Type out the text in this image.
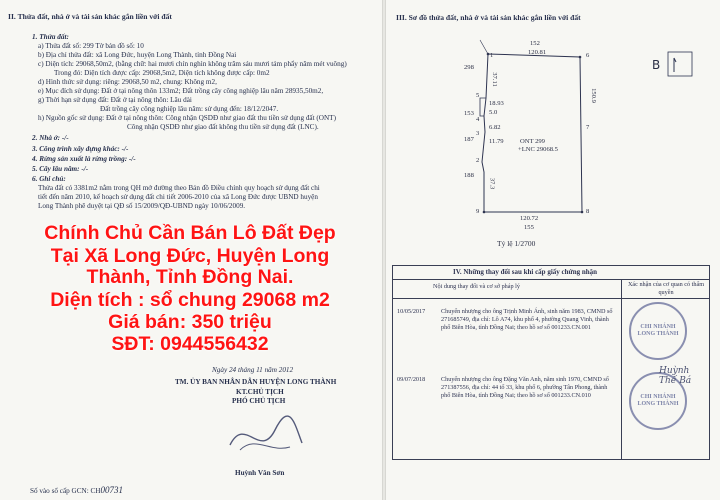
II. Thửa đất, nhà ở và tài sản khác gắn liền với đất
1. Thửa đất:
a) Thửa đất số: 299 Tờ bản đồ số: 10
b) Địa chỉ thửa đất: xã Long Đức, huyện Long Thành, tỉnh Đồng Nai
c) Diện tích: 29068,50m2, (bằng chữ: hai mươi chín nghìn không trăm sáu mươi tám phẩy năm mét vuông)
Trong đó: Diện tích được cấp: 29068,5m2, Diện tích không được cấp: 0m2
d) Hình thức sử dụng: riêng: 29068,50 m2, chung: Không m2,
e) Mục đích sử dụng: Đất ở tại nông thôn 133m2; Đất trồng cây công nghiệp lâu năm 28935,50m2,
g) Thời hạn sử dụng đất: Đất ở tại nông thôn: Lâu dài
Đất trồng cây công nghiệp lâu năm: sử dụng đến: 18/12/2047.
h) Nguồn gốc sử dụng: Đất ở tại nông thôn: Công nhận QSDĐ như giao đất thu tiền sử dụng đất (ONT)
Công nhận QSDĐ như giao đất không thu tiền sử dụng đất (LNC).
2. Nhà ở: -/-
3. Công trình xây dựng khác: -/-
4. Rừng sản xuất là rừng trồng: -/-
5. Cây lâu năm: -/-
6. Ghi chú:
Thửa đất có 3381m2 nằm trong QH mở đường theo Bản đồ Điều chỉnh quy hoạch sử dụng đất chi
tiết đến năm 2010, kế hoạch sử dụng đất chi tiết 2006-2010 của xã Long Đức được UBND huyện
Long Thành phê duyệt tại QĐ số 15/2009/QĐ-UBND ngày 10/06/2009.
Ngày 24 tháng 11 năm 2012
TM. ỦY BAN NHÂN DÂN HUYỆN LONG THÀNH
KT.CHỦ TỊCH
PHÓ CHỦ TỊCH
Huỳnh Văn Sơn
Số vào sổ cấp GCN: CH00731
Chính Chủ Cần Bán Lô Đất Đẹp
Tại Xã Long Đức, Huyện Long
Thành, Tỉnh Đồng Nai.
Diện tích : sổ chung 29068 m2
Giá bán: 350 triệu
SĐT: 0944556432
III. Sơ đồ thửa đất, nhà ở và tài sản khác gắn liền với đất
152
120.81
298
6
153
150.9
187
7
188
8
120.72
155
9
37.11
18.93
5.0
6.82
11.79
37.3
5
4
3
2
1
ONT 299
+LNC 29068.5
B
Tỷ lệ 1/2700
IV. Những thay đổi sau khi cấp giấy chứng nhận
Nội dung thay đổi và cơ sở pháp lý	Xác nhận của cơ quan có thẩm quyền
10/05/2017	Chuyển nhượng cho ông Trịnh Minh Ánh, sinh năm 1983, CMND số 271685749, địa chỉ: Lô A74, khu phố 4, phường Quang Vinh, thành phố Biên Hòa, tỉnh Đồng Nai; theo hồ sơ số 001233.CN.001
09/07/2018	Chuyển nhượng cho ông Đặng Văn Anh, năm sinh 1970, CMND số 271387556, địa chỉ: 44 tổ 33, khu phố 6, phường Tân Phong, thành phố Biên Hòa, tỉnh Đồng Nai; theo hồ sơ số 001233.CN.010
CHI NHÁNH LONG THÀNH
CHI NHÁNH LONG THÀNH
Huỳnh Thế Bá
